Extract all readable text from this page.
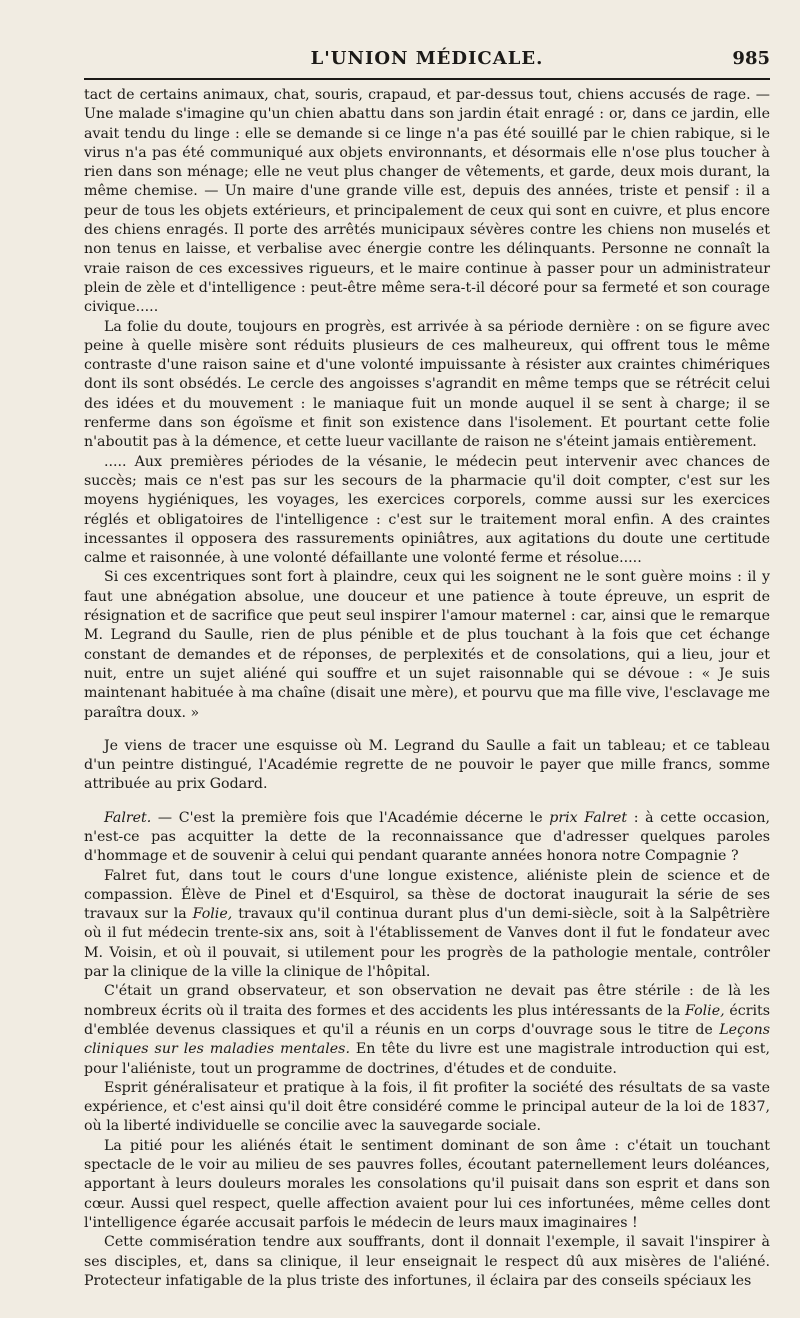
L'UNION MÉDICALE.	985

tact de certains animaux, chat, souris, crapaud, et par-dessus tout, chiens accusés de rage. — Une malade s'imagine qu'un chien abattu dans son jardin était enragé : or, dans ce jardin, elle avait tendu du linge : elle se demande si ce linge n'a pas été souillé par le chien rabique, si le virus n'a pas été communiqué aux objets environnants, et désormais elle n'ose plus toucher à rien dans son ménage; elle ne veut plus changer de vêtements, et garde, deux mois durant, la même chemise. — Un maire d'une grande ville est, depuis des années, triste et pensif : il a peur de tous les objets extérieurs, et principalement de ceux qui sont en cuivre, et plus encore des chiens enragés. Il porte des arrêtés municipaux sévères contre les chiens non muselés et non tenus en laisse, et verbalise avec énergie contre les délinquants. Personne ne connaît la vraie raison de ces excessives rigueurs, et le maire continue à passer pour un administrateur plein de zèle et d'intelligence : peut-être même sera-t-il décoré pour sa fermeté et son courage civique.....

La folie du doute, toujours en progrès, est arrivée à sa période dernière : on se figure avec peine à quelle misère sont réduits plusieurs de ces malheureux, qui offrent tous le même contraste d'une raison saine et d'une volonté impuissante à résister aux craintes chimériques dont ils sont obsédés. Le cercle des angoisses s'agrandit en même temps que se rétrécit celui des idées et du mouvement : le maniaque fuit un monde auquel il se sent à charge; il se renferme dans son égoïsme et finit son existence dans l'isolement. Et pourtant cette folie n'aboutit pas à la démence, et cette lueur vacillante de raison ne s'éteint jamais entièrement.

..... Aux premières périodes de la vésanie, le médecin peut intervenir avec chances de succès; mais ce n'est pas sur les secours de la pharmacie qu'il doit compter, c'est sur les moyens hygiéniques, les voyages, les exercices corporels, comme aussi sur les exercices réglés et obligatoires de l'intelligence : c'est sur le traitement moral enfin. A des craintes incessantes il opposera des rassurements opiniâtres, aux agitations du doute une certitude calme et raisonnée, à une volonté défaillante une volonté ferme et résolue.....

Si ces excentriques sont fort à plaindre, ceux qui les soignent ne le sont guère moins : il y faut une abnégation absolue, une douceur et une patience à toute épreuve, un esprit de résignation et de sacrifice que peut seul inspirer l'amour maternel : car, ainsi que le remarque M. Legrand du Saulle, rien de plus pénible et de plus touchant à la fois que cet échange constant de demandes et de réponses, de perplexités et de consolations, qui a lieu, jour et nuit, entre un sujet aliéné qui souffre et un sujet raisonnable qui se dévoue : « Je suis maintenant habituée à ma chaîne (disait une mère), et pourvu que ma fille vive, l'esclavage me paraîtra doux. »

Je viens de tracer une esquisse où M. Legrand du Saulle a fait un tableau; et ce tableau d'un peintre distingué, l'Académie regrette de ne pouvoir le payer que mille francs, somme attribuée au prix Godard.

Falret. — C'est la première fois que l'Académie décerne le prix Falret : à cette occasion, n'est-ce pas acquitter la dette de la reconnaissance que d'adresser quelques paroles d'hommage et de souvenir à celui qui pendant quarante années honora notre Compagnie ?

Falret fut, dans tout le cours d'une longue existence, aliéniste plein de science et de compassion. Élève de Pinel et d'Esquirol, sa thèse de doctorat inaugurait la série de ses travaux sur la Folie, travaux qu'il continua durant plus d'un demi-siècle, soit à la Salpêtrière où il fut médecin trente-six ans, soit à l'établissement de Vanves dont il fut le fondateur avec M. Voisin, et où il pouvait, si utilement pour les progrès de la pathologie mentale, contrôler par la clinique de la ville la clinique de l'hôpital.

C'était un grand observateur, et son observation ne devait pas être stérile : de là les nombreux écrits où il traita des formes et des accidents les plus intéressants de la Folie, écrits d'emblée devenus classiques et qu'il a réunis en un corps d'ouvrage sous le titre de Leçons cliniques sur les maladies mentales. En tête du livre est une magistrale introduction qui est, pour l'aliéniste, tout un programme de doctrines, d'études et de conduite.

Esprit généralisateur et pratique à la fois, il fit profiter la société des résultats de sa vaste expérience, et c'est ainsi qu'il doit être considéré comme le principal auteur de la loi de 1837, où la liberté individuelle se concilie avec la sauvegarde sociale.

La pitié pour les aliénés était le sentiment dominant de son âme : c'était un touchant spectacle de le voir au milieu de ses pauvres folles, écoutant paternellement leurs doléances, apportant à leurs douleurs morales les consolations qu'il puisait dans son esprit et dans son cœur. Aussi quel respect, quelle affection avaient pour lui ces infortunées, même celles dont l'intelligence égarée accusait parfois le médecin de leurs maux imaginaires !

Cette commisération tendre aux souffrants, dont il donnait l'exemple, il savait l'inspirer à ses disciples, et, dans sa clinique, il leur enseignait le respect dû aux misères de l'aliéné. Protecteur infatigable de la plus triste des infortunes, il éclaira par des conseils spéciaux les
